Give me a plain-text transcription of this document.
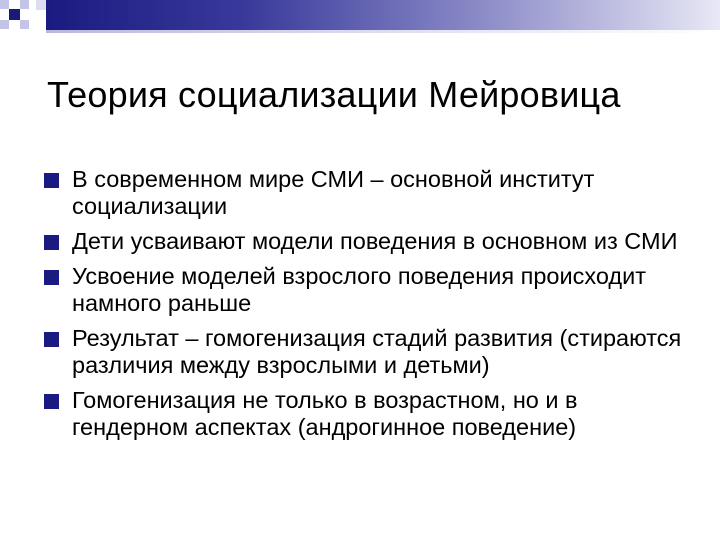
Теория социализации Мейровица
В современном мире СМИ – основной институт социализации
Дети усваивают модели поведения в основном из СМИ
Усвоение моделей взрослого поведения происходит намного раньше
Результат – гомогенизация стадий развития (стираются различия между взрослыми и детьми)
Гомогенизация не только в возрастном, но и в гендерном аспектах (андрогинное поведение)
